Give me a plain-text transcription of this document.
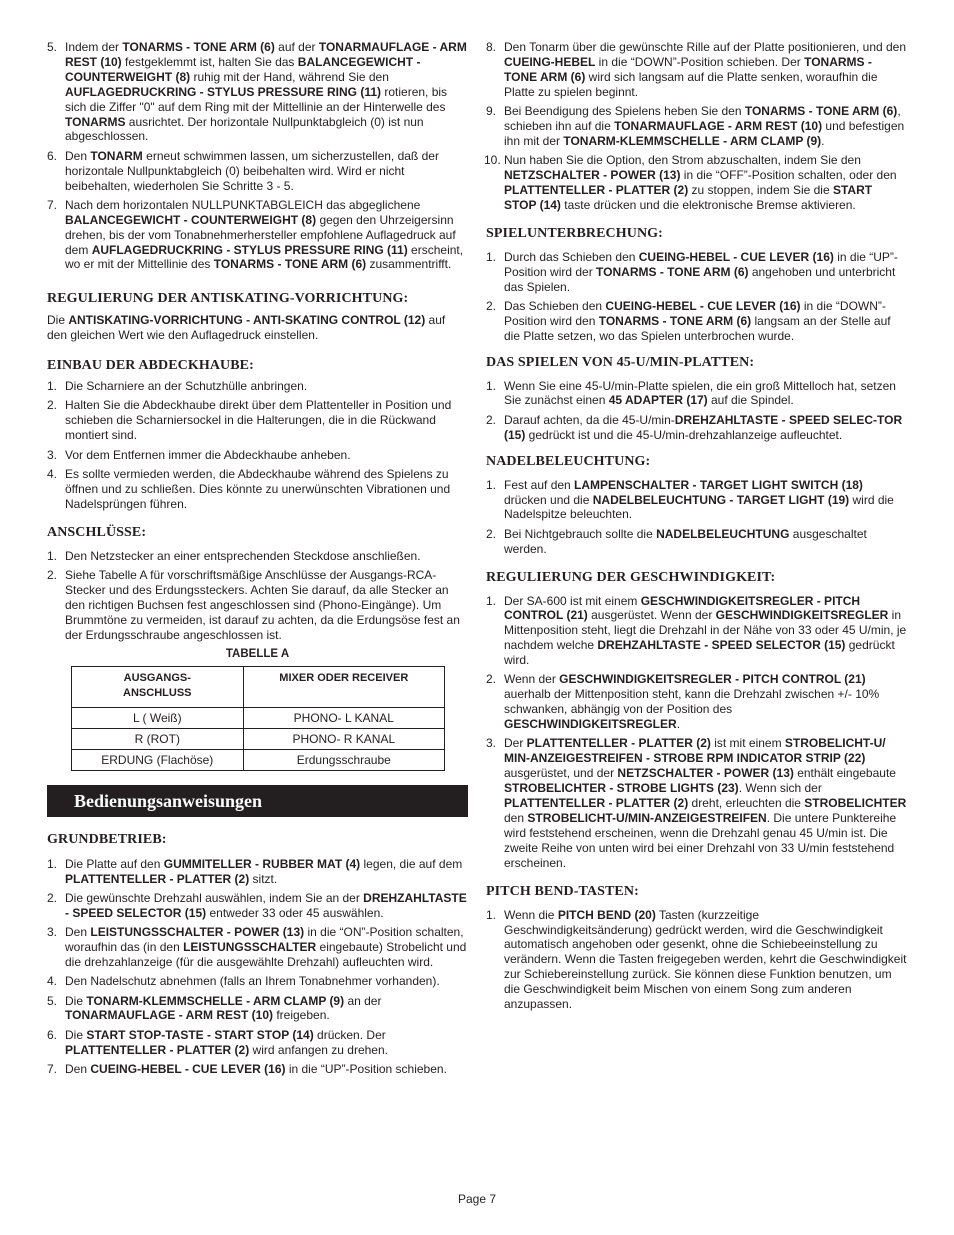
5. Indem der TONARMS - TONE ARM (6) auf der TONARMAUFLAGE - ARM REST (10) festgeklemmt ist, halten Sie das BALANCEGEWICHT - COUNTERWEIGHT (8) ruhig mit der Hand, während Sie den AUFLAGEDRUCKRING - STYLUS PRESSURE RING (11) rotieren, bis sich die Ziffer "0" auf dem Ring mit der Mittellinie an der Hinterwelle des TONARMS ausrichtet. Der horizontale Nullpunktabgleich (0) ist nun abgeschlossen.
6. Den TONARM erneut schwimmen lassen, um sicherzustellen, daß der horizontale Nullpunktabgleich (0) beibehalten wird. Wird er nicht beibehalten, wiederholen Sie Schritte 3 - 5.
7. Nach dem horizontalen NULLPUNKTABGLEICH das abgeglichene BALANCEGEWICHT - COUNTERWEIGHT (8) gegen den Uhrzeigersinn drehen, bis der vom Tonabnehmerhersteller empfohlene Auflagedruck auf dem AUFLAGEDRUCKRING - STYLUS PRESSURE RING (11) erscheint, wo er mit der Mittellinie des TONARMS - TONE ARM (6) zusammentrifft.
REGULIERUNG DER ANTISKATING-VORRICHTUNG:

Die ANTISKATING-VORRICHTUNG - ANTI-SKATING CONTROL (12) auf den gleichen Wert wie den Auflagedruck einstellen.

EINBAU DER ABDECKHAUBE:
1. Die Scharniere an der Schutzhülle anbringen.
2. Halten Sie die Abdeckhaube direkt über dem Plattenteller in Position und schieben die Scharniersockel in die Halterungen, die in die Rückwand montiert sind.
3. Vor dem Entfernen immer die Abdeckhaube anheben.
4. Es sollte vermieden werden, die Abdeckhaube während des Spielens zu öffnen und zu schließen. Dies könnte zu unerwünschten Vibrationen und Nadelsprüngen führen.
ANSCHLÜSSE:
1. Den Netzstecker an einer entsprechenden Steckdose anschließen.
2. Siehe Tabelle A für vorschriftsmäßige Anschlüsse der Ausgangs-RCA-Stecker und des Erdungssteckers. Achten Sie darauf, da alle Stecker an den richtigen Buchsen fest angeschlossen sind (Phono-Eingänge). Um Brummtöne zu vermeiden, ist darauf zu achten, da die Erdungsöse fest an der Erdungsschraube angeschlossen ist.
TABELLE A
AUSGANGS- ANSCHLUSS	MIXER ODER RECEIVER
L ( Weiß)	PHONO- L KANAL
R (ROT)	PHONO- R KANAL
ERDUNG (Flachöse)	Erdungsschraube
Bedienungsanweisungen
GRUNDBETRIEB:
1. Die Platte auf den GUMMITELLER - RUBBER MAT (4) legen, die auf dem PLATTENTELLER - PLATTER (2) sitzt.
2. Die gewünschte Drehzahl auswählen, indem Sie an der DREHZAHLTASTE - SPEED SELECTOR (15) entweder 33 oder 45 auswählen.
3. Den LEISTUNGSSCHALTER - POWER (13) in die “ON”-Position schalten, woraufhin das (in den LEISTUNGSSCHALTER eingebaute) Strobelicht und die drehzahlanzeige (für die ausgewählte Drehzahl) aufleuchten wird.
4. Den Nadelschutz abnehmen (falls an Ihrem Tonabnehmer vorhanden).
5. Die TONARM-KLEMMSCHELLE - ARM CLAMP (9) an der TONARMAUFLAGE - ARM REST (10) freigeben.
6. Die START STOP-TASTE - START STOP (14) drücken. Der PLATTENTELLER - PLATTER (2) wird anfangen zu drehen.
7. Den CUEING-HEBEL - CUE LEVER (16) in die “UP”-Position schieben.
8. Den Tonarm über die gewünschte Rille auf der Platte positionieren, und den CUEING-HEBEL in die “DOWN”-Position schieben. Der TONARMS - TONE ARM (6) wird sich langsam auf die Platte senken, woraufhin die Platte zu spielen beginnt.
9. Bei Beendigung des Spielens heben Sie den TONARMS - TONE ARM (6), schieben ihn auf die TONARMAUFLAGE - ARM REST (10) und befestigen ihn mit der TONARM-KLEMMSCHELLE - ARM CLAMP (9).
10. Nun haben Sie die Option, den Strom abzuschalten, indem Sie den NETZSCHALTER - POWER (13) in die “OFF”-Position schalten, oder den PLATTENTELLER - PLATTER (2) zu stoppen, indem Sie die START STOP (14) taste drücken und die elektronische Bremse aktivieren.
SPIELUNTERBRECHUNG:
1. Durch das Schieben den CUEING-HEBEL - CUE LEVER (16) in die “UP”-Position wird der TONARMS - TONE ARM (6) angehoben und unterbricht das Spielen.
2. Das Schieben den CUEING-HEBEL - CUE LEVER (16) in die “DOWN”-Position wird den TONARMS - TONE ARM (6) langsam an der Stelle auf die Platte setzen, wo das Spielen unterbrochen wurde.
DAS SPIELEN VON 45-U/MIN-PLATTEN:
1. Wenn Sie eine 45-U/min-Platte spielen, die ein groß Mittelloch hat, setzen Sie zunächst einen 45 ADAPTER (17) auf die Spindel.
2. Darauf achten, da die 45-U/min-DREHZAHLTASTE - SPEED SELEC-TOR (15) gedrückt ist und die 45-U/min-drehzahlanzeige aufleuchtet.
NADELBELEUCHTUNG:
1. Fest auf den LAMPENSCHALTER - TARGET LIGHT SWITCH (18) drücken und die NADELBELEUCHTUNG - TARGET LIGHT (19) wird die Nadelspitze beleuchten.
2. Bei Nichtgebrauch sollte die NADELBELEUCHTUNG ausgeschaltet werden.
REGULIERUNG DER GESCHWINDIGKEIT:
1. Der SA-600 ist mit einem GESCHWINDIGKEITSREGLER - PITCH CONTROL (21) ausgerüstet. Wenn der GESCHWINDIGKEITSREGLER in Mittenposition steht, liegt die Drehzahl in der Nähe von 33 oder 45 U/min, je nachdem welche DREHZAHLTASTE - SPEED SELECTOR (15) gedrückt wird.
2. Wenn der GESCHWINDIGKEITSREGLER - PITCH CONTROL (21) auerhalb der Mittenposition steht, kann die Drehzahl zwischen +/- 10% schwanken, abhängig von der Position des GESCHWINDIGKEITSREGLER.
3. Der PLATTENTELLER - PLATTER (2) ist mit einem STROBELICHT-U/ MIN-ANZEIGESTREIFEN - STROBE RPM INDICATOR STRIP (22) ausgerüstet, und der NETZSCHALTER - POWER (13) enthält eingebaute STROBELICHTER - STROBE LIGHTS (23). Wenn sich der PLATTENTELLER - PLATTER (2) dreht, erleuchten die STROBELICHTER den STROBELICHT-U/MIN-ANZEIGESTREIFEN. Die untere Punktereihe wird feststehend erscheinen, wenn die Drehzahl genau 45 U/min ist. Die zweite Reihe von unten wird bei einer Drehzahl von 33 U/min feststehend erscheinen.
PITCH BEND-TASTEN:
1. Wenn die PITCH BEND (20) Tasten (kurzzeitige Geschwindigkeitsänderung) gedrückt werden, wird die Geschwindigkeit automatisch angehoben oder gesenkt, ohne die Schiebeeinstellung zu verändern. Wenn die Tasten freigegeben werden, kehrt die Geschwindigkeit zur Schiebereinstellung zurück. Sie können diese Funktion benutzen, um die Geschwindigkeit beim Mischen von einem Song zum anderen anzupassen.
Page 7
